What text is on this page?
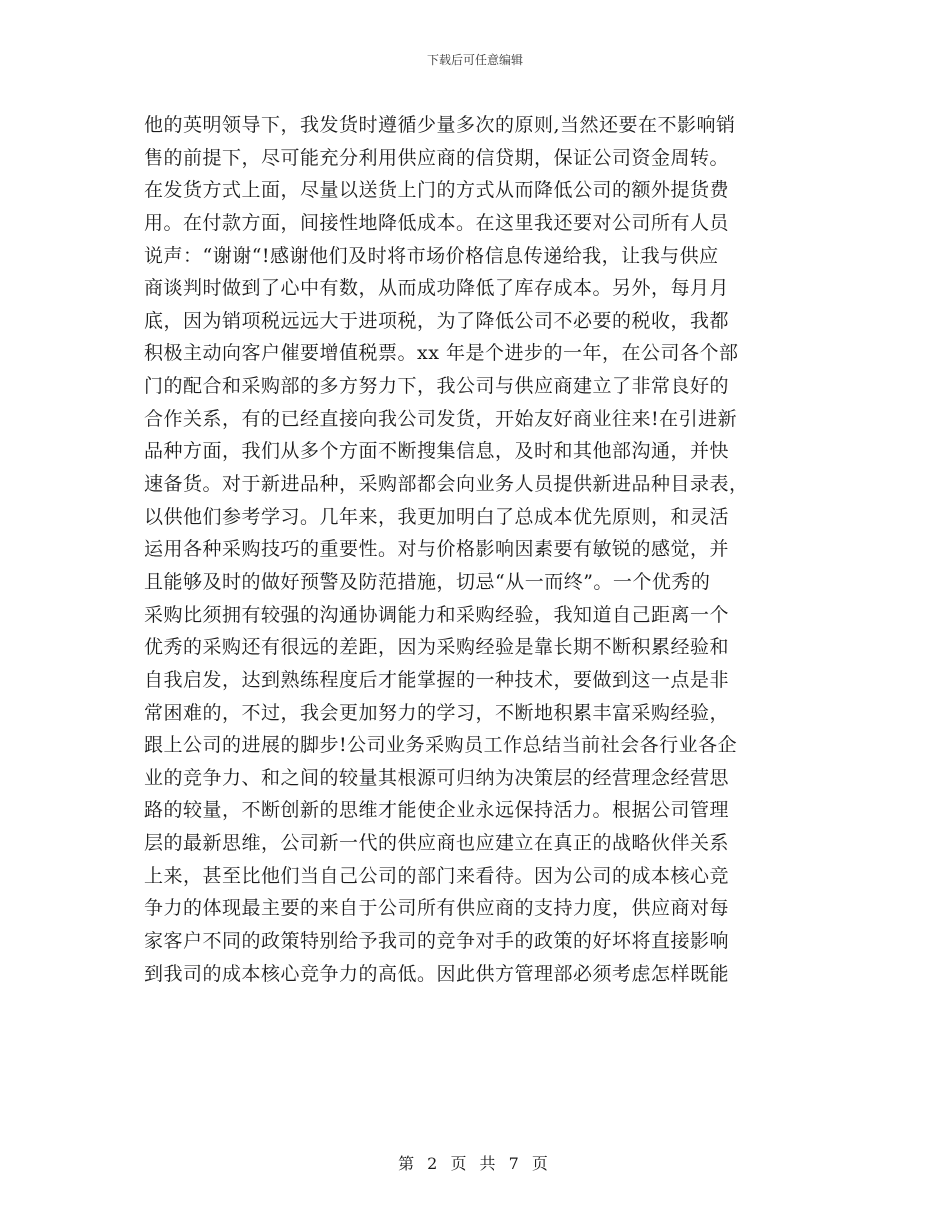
下载后可任意编辑
他的英明领导下，我发货时遵循少量多次的原则,当然还要在不影响销
售的前提下，尽可能充分利用供应商的信贷期，保证公司资金周转。
在发货方式上面，尽量以送货上门的方式从而降低公司的额外提货费
用。在付款方面，间接性地降低成本。在这里我还要对公司所有人员
说声：“谢谢“!感谢他们及时将市场价格信息传递给我，让我与供应
商谈判时做到了心中有数，从而成功降低了库存成本。另外，每月月
底，因为销项税远远大于进项税，为了降低公司不必要的税收，我都
积极主动向客户催要增值税票。xx 年是个进步的一年，在公司各个部
门的配合和采购部的多方努力下，我公司与供应商建立了非常良好的
合作关系，有的已经直接向我公司发货，开始友好商业往来!在引进新
品种方面，我们从多个方面不断搜集信息，及时和其他部沟通，并快
速备货。对于新进品种，采购部都会向业务人员提供新进品种目录表，
以供他们参考学习。几年来，我更加明白了总成本优先原则，和灵活
运用各种采购技巧的重要性。对与价格影响因素要有敏锐的感觉，并
且能够及时的做好预警及防范措施，切忌“从一而终”。一个优秀的
采购比须拥有较强的沟通协调能力和采购经验，我知道自己距离一个
优秀的采购还有很远的差距，因为采购经验是靠长期不断积累经验和
自我启发，达到熟练程度后才能掌握的一种技术，要做到这一点是非
常困难的，不过，我会更加努力的学习，不断地积累丰富采购经验，
跟上公司的进展的脚步!公司业务采购员工作总结当前社会各行业各企
业的竞争力、和之间的较量其根源可归纳为决策层的经营理念经营思
路的较量，不断创新的思维才能使企业永远保持活力。根据公司管理
层的最新思维，公司新一代的供应商也应建立在真正的战略伙伴关系
上来，甚至比他们当自己公司的部门来看待。因为公司的成本核心竞
争力的体现最主要的来自于公司所有供应商的支持力度，供应商对每
家客户不同的政策特别给予我司的竞争对手的政策的好坏将直接影响
到我司的成本核心竞争力的高低。因此供方管理部必须考虑怎样既能
第 2 页 共 7 页
